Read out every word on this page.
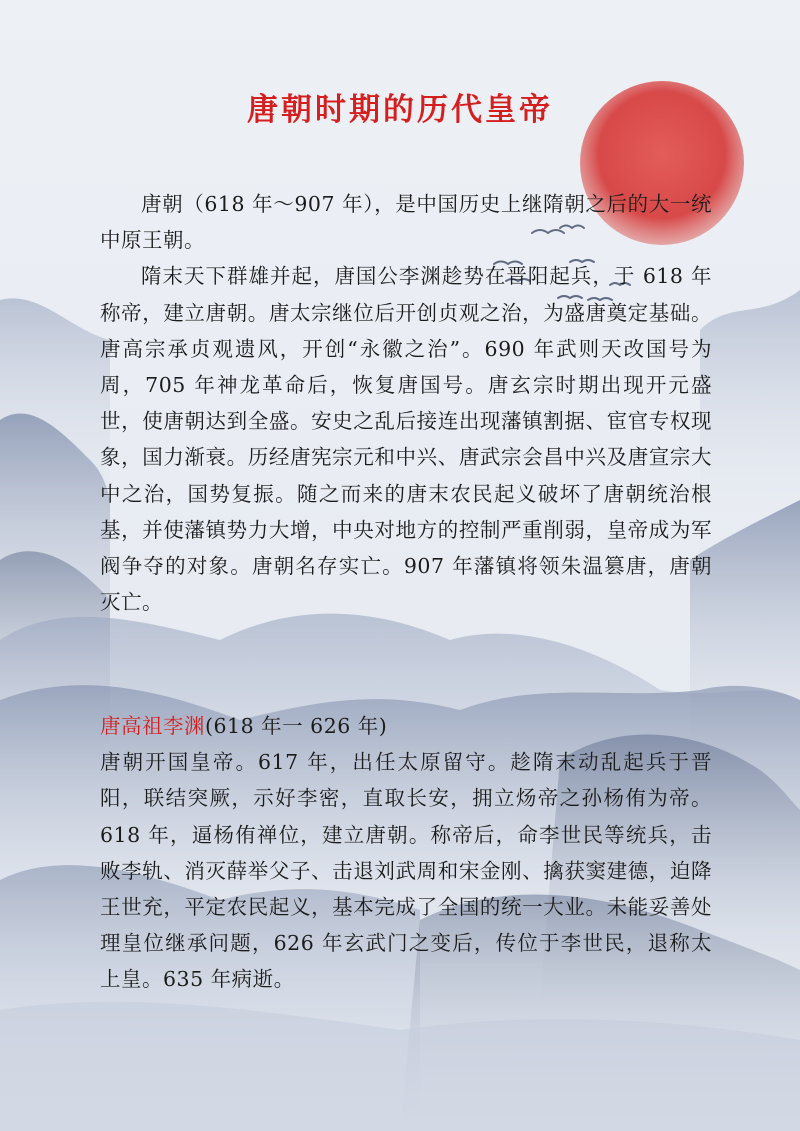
唐朝时期的历代皇帝

唐朝（618 年～907 年），是中国历史上继隋朝之后的大一统中原王朝。

隋末天下群雄并起，唐国公李渊趁势在晋阳起兵，于 618 年称帝，建立唐朝。唐太宗继位后开创贞观之治，为盛唐奠定基础。唐高宗承贞观遗风，开创“永徽之治”。690 年武则天改国号为周，705 年神龙革命后，恢复唐国号。唐玄宗时期出现开元盛世，使唐朝达到全盛。安史之乱后接连出现藩镇割据、宦官专权现象，国力渐衰。历经唐宪宗元和中兴、唐武宗会昌中兴及唐宣宗大中之治，国势复振。随之而来的唐末农民起义破坏了唐朝统治根基，并使藩镇势力大增，中央对地方的控制严重削弱，皇帝成为军阀争夺的对象。唐朝名存实亡。907 年藩镇将领朱温篡唐，唐朝灭亡。

唐高祖李渊(618 年一 626 年)

唐朝开国皇帝。617 年，出任太原留守。趁隋末动乱起兵于晋阳，联结突厥，示好李密，直取长安，拥立炀帝之孙杨侑为帝。618 年，逼杨侑禅位，建立唐朝。称帝后，命李世民等统兵，击败李轨、消灭薛举父子、击退刘武周和宋金刚、擒获窦建德，迫降王世充，平定农民起义，基本完成了全国的统一大业。未能妥善处理皇位继承问题，626 年玄武门之变后，传位于李世民，退称太上皇。635 年病逝。
